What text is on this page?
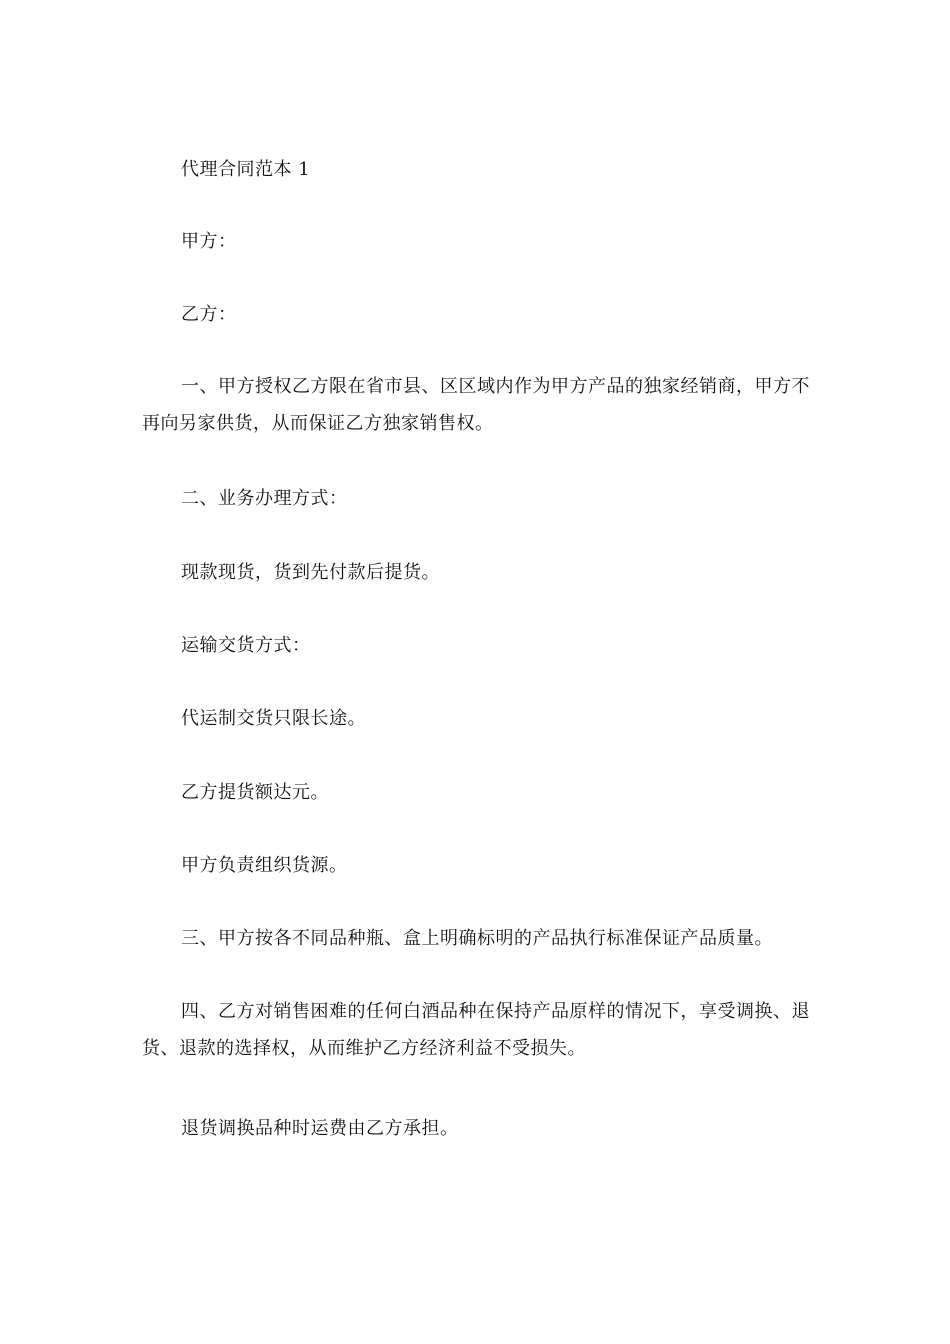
代理合同范本 1
甲方：
乙方：
一、甲方授权乙方限在省市县、区区域内作为甲方产品的独家经销商，甲方不再向另家供货，从而保证乙方独家销售权。
二、业务办理方式：
现款现货，货到先付款后提货。
运输交货方式：
代运制交货只限长途。
乙方提货额达元。
甲方负责组织货源。
三、甲方按各不同品种瓶、盒上明确标明的产品执行标准保证产品质量。
四、乙方对销售困难的任何白酒品种在保持产品原样的情况下，享受调换、退货、退款的选择权，从而维护乙方经济利益不受损失。
退货调换品种时运费由乙方承担。
